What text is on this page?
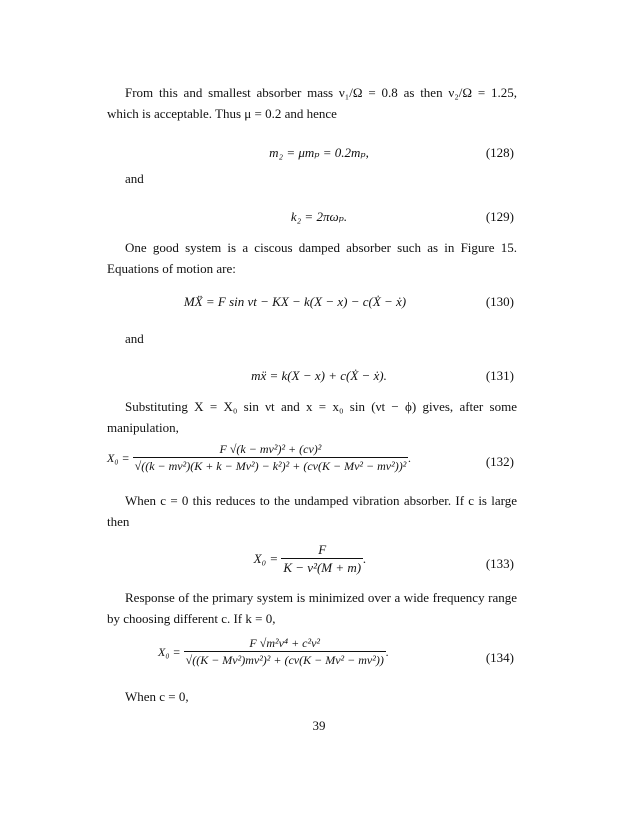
From this and smallest absorber mass ν₁/Ω = 0.8 as then ν₂/Ω = 1.25, which is acceptable. Thus μ = 0.2 and hence
m₂ = μmₚ = 0.2mₚ,	(128)
and
k₂ = 2πωₚ.	(129)
One good system is a ciscous damped absorber such as in Figure 15. Equations of motion are:
MẌ = F sin νt − KX − k(X − x) − c(Ẋ − ẋ)	(130)
and
mẍ = k(X − x) + c(Ẋ − ẋ).	(131)
Substituting X = X₀ sin νt and x = x₀ sin (νt − ϕ) gives, after some manipulation,
$X_0 = \frac{\text{F √(k − mν²)² + (cν)²}}{\text{√((k − mν²)(K + k − Mν²) − k²)² + (cν(K − Mν² − mν²))²}}$ .	(132)
When c = 0 this reduces to the undamped vibration absorber. If c is large then
$X_0 = \frac{F}{\text{K − ν²(M + m)}}$ .	(133)
Response of the primary system is minimized over a wide frequency range by choosing different c. If k = 0,
$X_0 = \frac{\text{F √m²ν⁴ + c²ν²}}{\text{√((K − Mν²)mν²)² + (cν(K − Mν² − mν²))}}$ .	(134)
When c = 0,
39
